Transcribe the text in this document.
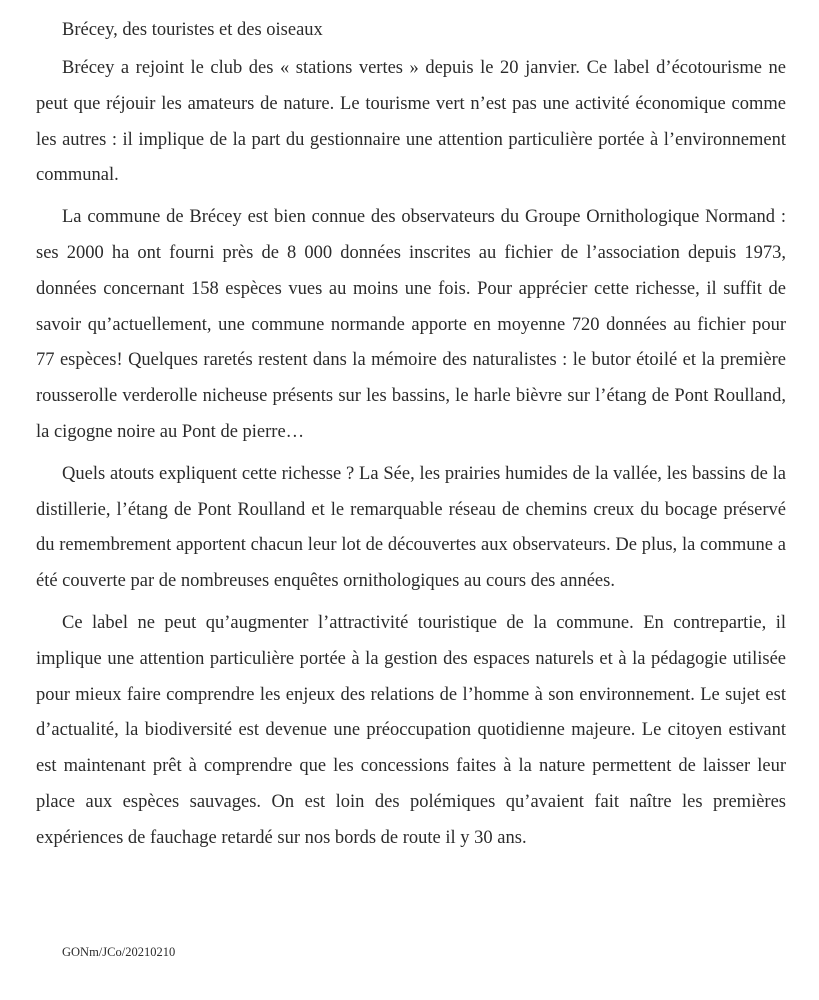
Brécey, des touristes et des oiseaux

Brécey a rejoint le club des « stations vertes » depuis le 20 janvier. Ce label d’écotourisme ne peut que réjouir les amateurs de nature. Le tourisme vert n’est pas une activité économique comme les autres : il implique de la part du gestionnaire une attention particulière portée à l’environnement communal.

La commune de Brécey est bien connue des observateurs du Groupe Ornithologique Normand : ses 2000 ha ont fourni près de 8 000 données inscrites au fichier de l’association depuis 1973, données concernant 158 espèces vues au moins une fois. Pour apprécier cette richesse, il suffit de savoir qu’actuellement, une commune normande apporte en moyenne 720 données au fichier pour 77 espèces! Quelques raretés restent dans la mémoire des naturalistes : le butor étoilé et la première rousserolle verderolle nicheuse présents sur les bassins, le harle bièvre sur l’étang de Pont Roulland, la cigogne noire au Pont de pierre…

Quels atouts expliquent cette richesse ? La Sée, les prairies humides de la vallée, les bassins de la distillerie, l’étang de Pont Roulland et le remarquable réseau de chemins creux du bocage préservé du remembrement apportent chacun leur lot de découvertes aux observateurs. De plus, la commune a été couverte par de nombreuses enquêtes ornithologiques au cours des années.

Ce label ne peut qu’augmenter l’attractivité touristique de la commune. En contrepartie, il implique une attention particulière portée à la gestion des espaces naturels et à la pédagogie utilisée pour mieux faire comprendre les enjeux des relations de l’homme à son environnement. Le sujet est d’actualité, la biodiversité est devenue une préoccupation quotidienne majeure. Le citoyen estivant est maintenant prêt à comprendre que les concessions faites à la nature permettent de laisser leur place aux espèces sauvages. On est loin des polémiques qu’avaient fait naître les premières expériences de fauchage retardé sur nos bords de route il y 30 ans.

GONm/JCo/20210210
